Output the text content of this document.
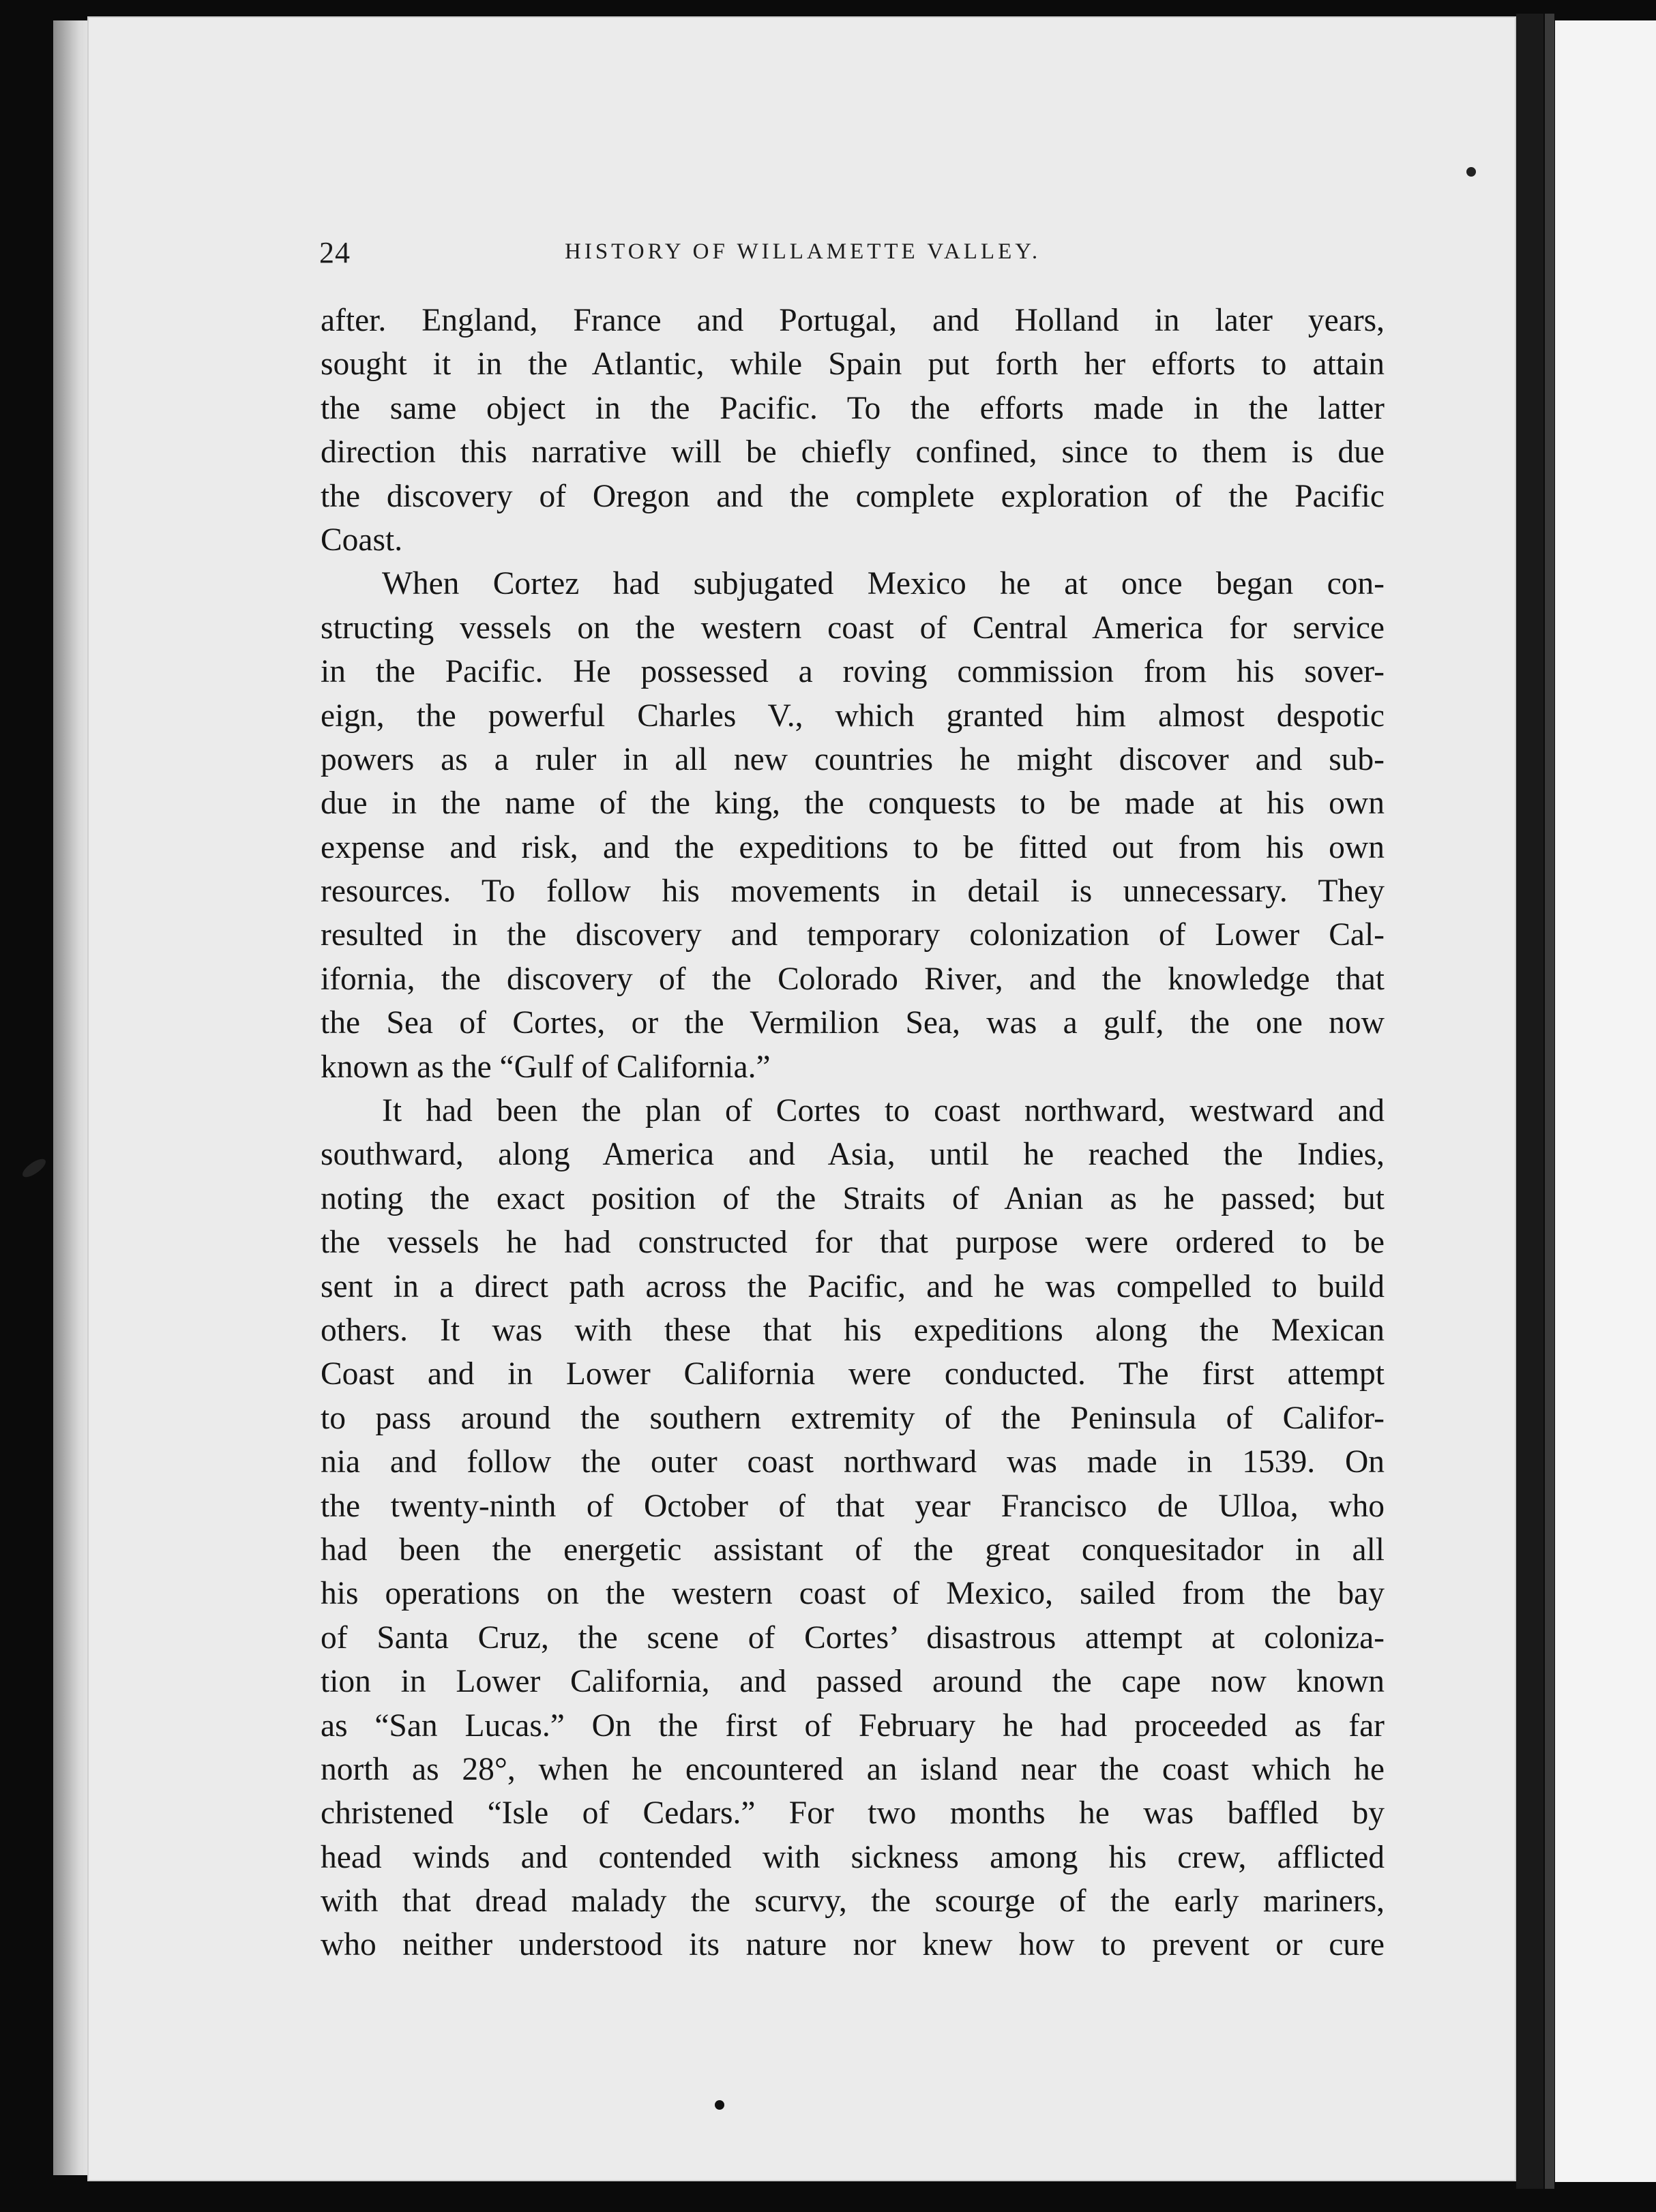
24	HISTORY OF WILLAMETTE VALLEY.
after. England, France and Portugal, and Holland in later years,
sought it in the Atlantic, while Spain put forth her efforts to attain
the same object in the Pacific. To the efforts made in the latter
direction this narrative will be chiefly confined, since to them is due
the discovery of Oregon and the complete exploration of the Pacific
Coast.
When Cortez had subjugated Mexico he at once began con-
structing vessels on the western coast of Central America for service
in the Pacific. He possessed a roving commission from his sover-
eign, the powerful Charles V., which granted him almost despotic
powers as a ruler in all new countries he might discover and sub-
due in the name of the king, the conquests to be made at his own
expense and risk, and the expeditions to be fitted out from his own
resources. To follow his movements in detail is unnecessary. They
resulted in the discovery and temporary colonization of Lower Cal-
ifornia, the discovery of the Colorado River, and the knowledge that
the Sea of Cortes, or the Vermilion Sea, was a gulf, the one now
known as the “Gulf of California.”
It had been the plan of Cortes to coast northward, westward and
southward, along America and Asia, until he reached the Indies,
noting the exact position of the Straits of Anian as he passed; but
the vessels he had constructed for that purpose were ordered to be
sent in a direct path across the Pacific, and he was compelled to build
others. It was with these that his expeditions along the Mexican
Coast and in Lower California were conducted. The first attempt
to pass around the southern extremity of the Peninsula of Califor-
nia and follow the outer coast northward was made in 1539. On
the twenty-ninth of October of that year Francisco de Ulloa, who
had been the energetic assistant of the great conquesitador in all
his operations on the western coast of Mexico, sailed from the bay
of Santa Cruz, the scene of Cortes’ disastrous attempt at coloniza-
tion in Lower California, and passed around the cape now known
as “San Lucas.” On the first of February he had proceeded as far
north as 28°, when he encountered an island near the coast which he
christened “Isle of Cedars.” For two months he was baffled by
head winds and contended with sickness among his crew, afflicted
with that dread malady the scurvy, the scourge of the early mariners,
who neither understood its nature nor knew how to prevent or cure
